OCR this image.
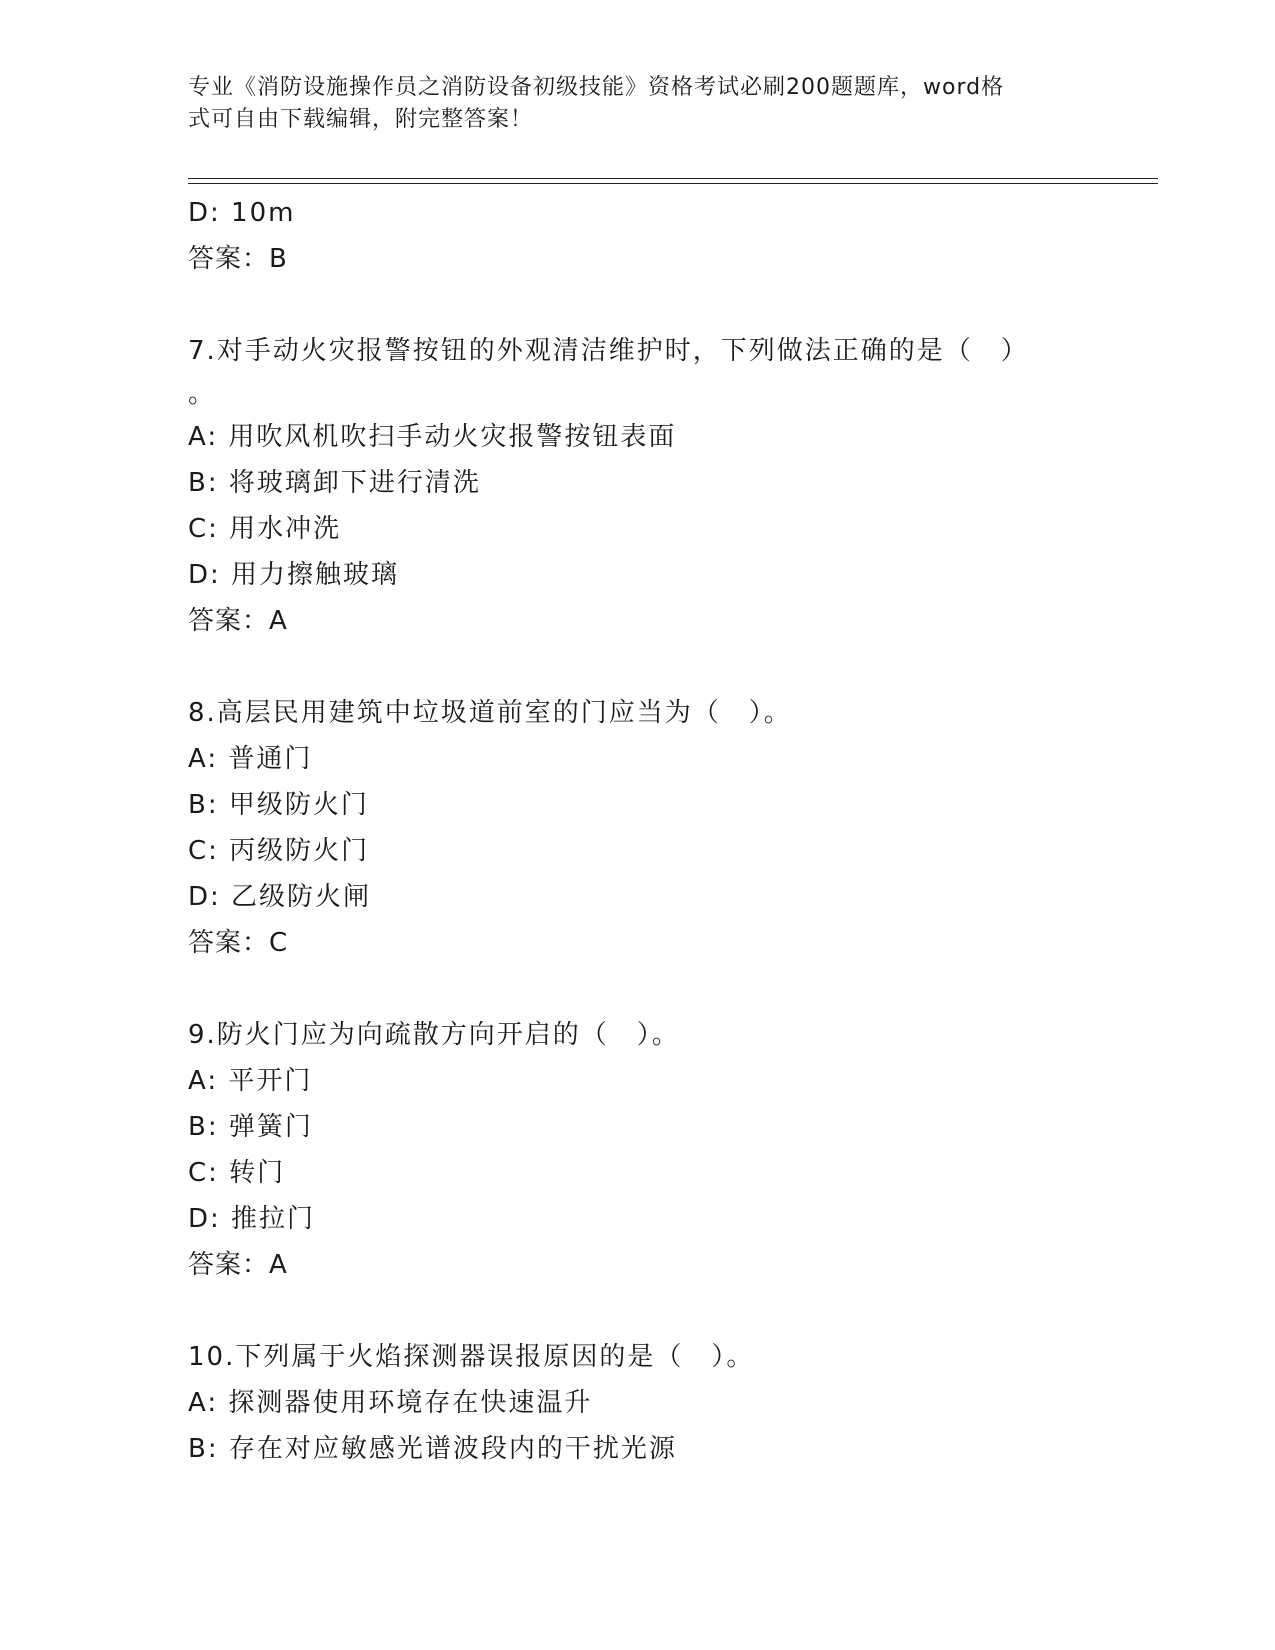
专业《消防设施操作员之消防设备初级技能》资格考试必刷200题题库，word格
式可自由下载编辑，附完整答案！
D: 10m
答案：B
7.对手动火灾报警按钮的外观清洁维护时，下列做法正确的是（　）
。
A: 用吹风机吹扫手动火灾报警按钮表面
B: 将玻璃卸下进行清洗
C: 用水冲洗
D: 用力擦触玻璃
答案：A
8.高层民用建筑中垃圾道前室的门应当为（　）。
A: 普通门
B: 甲级防火门
C: 丙级防火门
D: 乙级防火闸
答案：C
9.防火门应为向疏散方向开启的（　）。
A: 平开门
B: 弹簧门
C: 转门
D: 推拉门
答案：A
10.下列属于火焰探测器误报原因的是（　）。
A: 探测器使用环境存在快速温升
B: 存在对应敏感光谱波段内的干扰光源
